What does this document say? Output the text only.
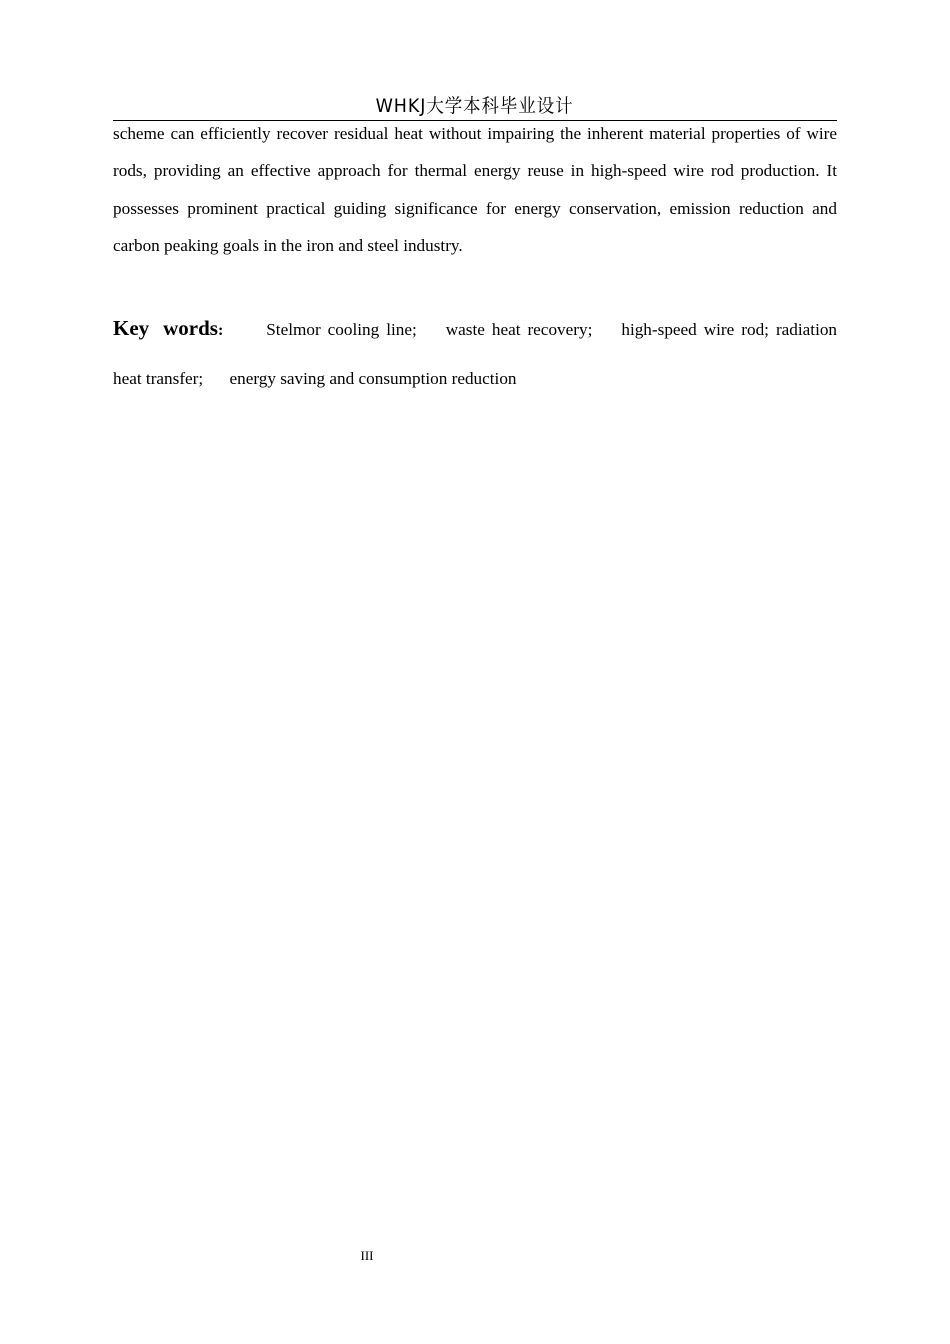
WHKJ大学本科毕业设计

scheme can efficiently recover residual heat without impairing the inherent material properties of wire rods, providing an effective approach for thermal energy reuse in high-speed wire rod production. It possesses prominent practical guiding significance for energy conservation, emission reduction and carbon peaking goals in the iron and steel industry.

Key words: Stelmor cooling line; waste heat recovery; high-speed wire rod; radiation heat transfer; energy saving and consumption reduction

III
